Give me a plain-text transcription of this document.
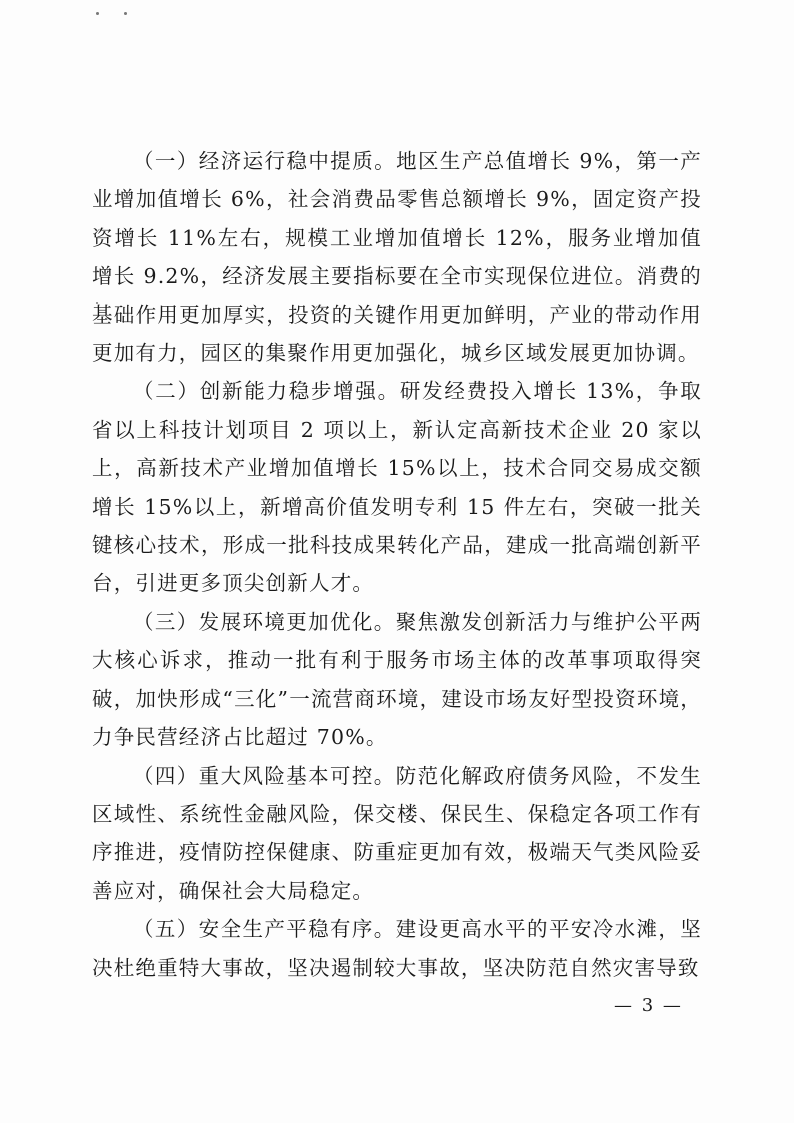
（一）经济运行稳中提质。地区生产总值增长 9%，第一产业增加值增长 6%，社会消费品零售总额增长 9%，固定资产投资增长 11%左右，规模工业增加值增长 12%，服务业增加值增长 9.2%，经济发展主要指标要在全市实现保位进位。消费的基础作用更加厚实，投资的关键作用更加鲜明，产业的带动作用更加有力，园区的集聚作用更加强化，城乡区域发展更加协调。

（二）创新能力稳步增强。研发经费投入增长 13%，争取省以上科技计划项目 2 项以上，新认定高新技术企业 20 家以上，高新技术产业增加值增长 15%以上，技术合同交易成交额增长 15%以上，新增高价值发明专利 15 件左右，突破一批关键核心技术，形成一批科技成果转化产品，建成一批高端创新平台，引进更多顶尖创新人才。

（三）发展环境更加优化。聚焦激发创新活力与维护公平两大核心诉求，推动一批有利于服务市场主体的改革事项取得突破，加快形成“三化”一流营商环境，建设市场友好型投资环境，力争民营经济占比超过 70%。

（四）重大风险基本可控。防范化解政府债务风险，不发生区域性、系统性金融风险，保交楼、保民生、保稳定各项工作有序推进，疫情防控保健康、防重症更加有效，极端天气类风险妥善应对，确保社会大局稳定。

（五）安全生产平稳有序。建设更高水平的平安冷水滩，坚决杜绝重特大事故，坚决遏制较大事故，坚决防范自然灾害导致

— 3 —
